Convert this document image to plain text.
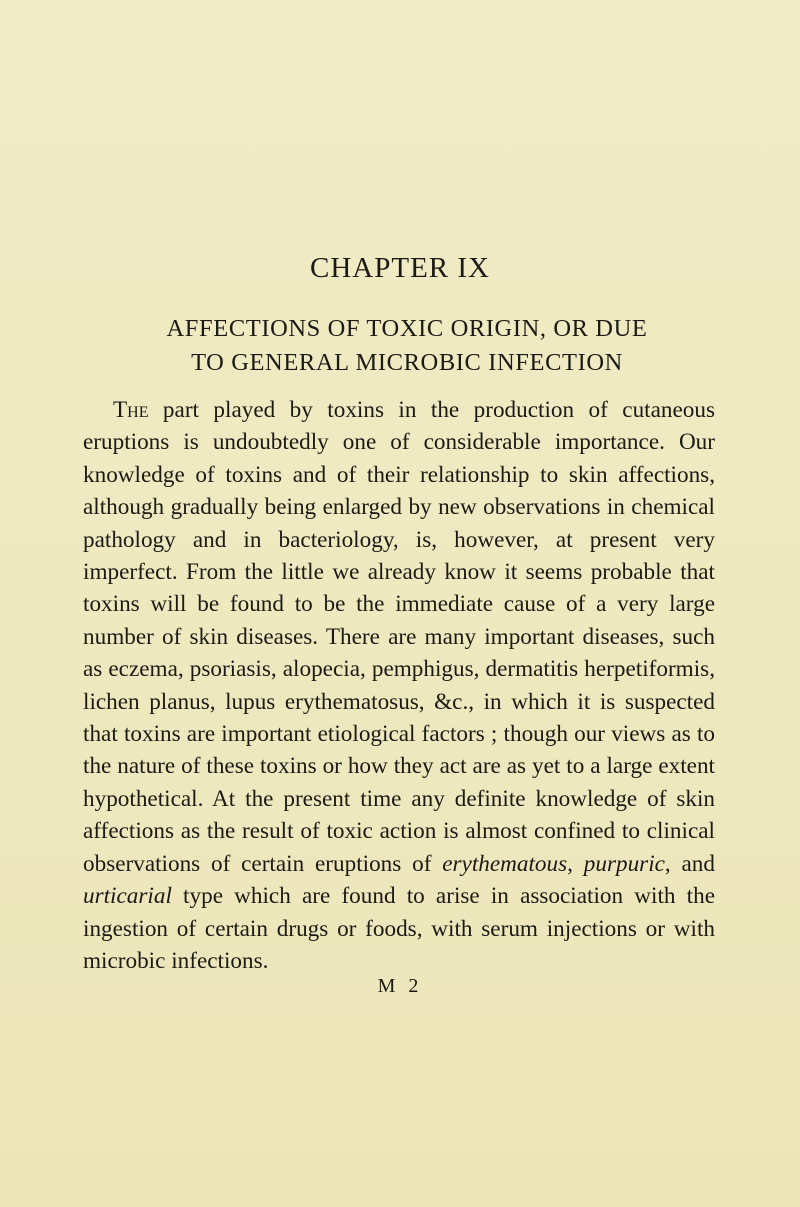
CHAPTER IX
AFFECTIONS OF TOXIC ORIGIN, OR DUE
TO GENERAL MICROBIC INFECTION
The part played by toxins in the production of cutaneous eruptions is undoubtedly one of considerable importance. Our knowledge of toxins and of their relationship to skin affections, although gradually being enlarged by new observations in chemical pathology and in bacteriology, is, however, at present very imperfect. From the little we already know it seems probable that toxins will be found to be the immediate cause of a very large number of skin diseases. There are many important diseases, such as eczema, psoriasis, alopecia, pemphigus, dermatitis herpetiformis, lichen planus, lupus erythematosus, &c., in which it is suspected that toxins are important etiological factors ; though our views as to the nature of these toxins or how they act are as yet to a large extent hypothetical. At the present time any definite knowledge of skin affections as the result of toxic action is almost confined to clinical observations of certain eruptions of erythematous, purpuric, and urticarial type which are found to arise in association with the ingestion of certain drugs or foods, with serum injections or with microbic infections.
M 2
